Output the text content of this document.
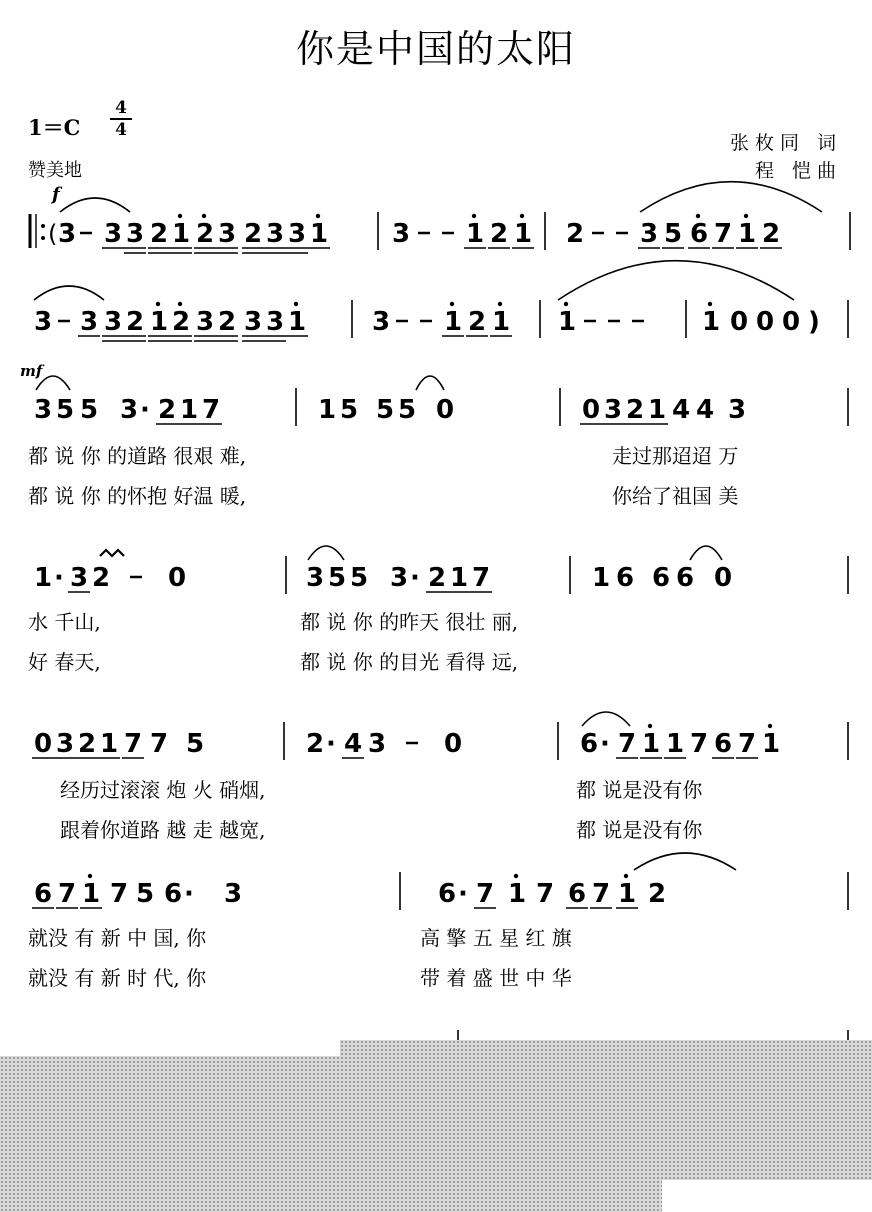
你是中国的太阳
$1=C \frac{4}{4}$
赞美地
张枚同 词
程 恺曲
f
mf
( 3 3 3 2 1 2 3 2 3 3 1 3 1 2 1 2 3 5 6 7 1 2
3 3 3 2 1 2 3 2 3 3 1	3 1 2 1 1	1 0 0 0 )
3 5 5 3 · 2 1 7	1 5 5 5 0	0 3 2 1 4 4 3
1 · 3 2 0	3 5 5 3 · 2 1 7	1 6 6 6 0
0 3 2 1 7 7 5	2 · 4 3 0	6 · 7 1 1 7 6 7 1
6 7 1 7 5 6 · 3	6 · 7 1 7 6 7 1 2
都 说 你 的道路 很艰 难,	走过那迢迢 万
都 说 你 的怀抱 好温 暖,	你给了祖国 美
水 千山,	都 说 你 的昨天 很壮 丽,
好 春天,	都 说 你 的目光 看得 远,
经历过滚滚 炮 火 硝烟,	都 说是没有你
跟着你道路 越 走 越宽,	都 说是没有你
就没 有 新 中 国, 你	高 擎 五 星 红 旗
就没 有 新 时 代, 你	带 着 盛 世 中 华
